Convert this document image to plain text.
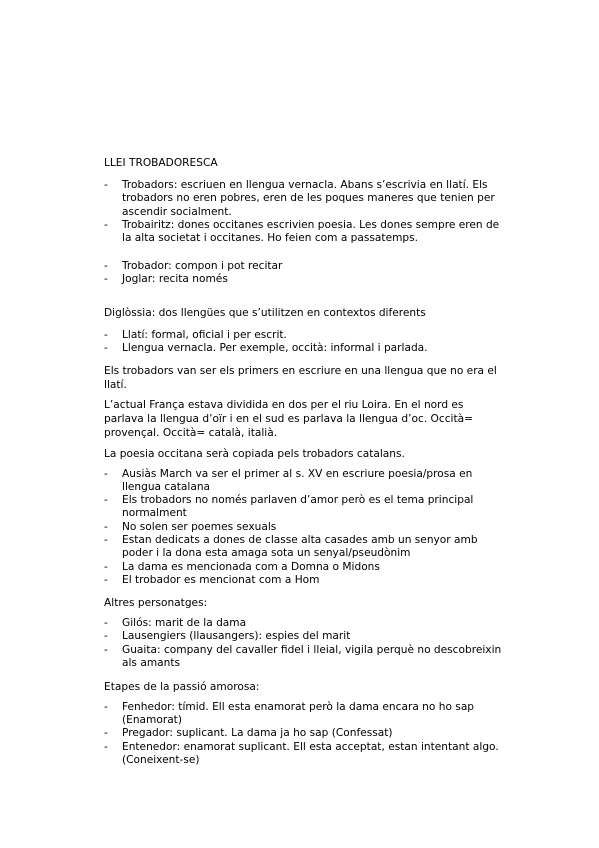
LLEI TROBADORESCA
- Trobadors: escriuen en llengua vernacla. Abans s’escrivia en llatí. Els trobadors no eren pobres, eren de les poques maneres que tenien per ascendir socialment.
- Trobairitz: dones occitanes escrivien poesia. Les dones sempre eren de la alta societat i occitanes. Ho feien com a passatemps.
- Trobador: compon i pot recitar
- Joglar: recita només
Diglòssia: dos llengües que s’utilitzen en contextos diferents
- Llatí: formal, oficial i per escrit.
- Llengua vernacla. Per exemple, occità: informal i parlada.
Els trobadors van ser els primers en escriure en una llengua que no era el llatí.
L’actual França estava dividida en dos per el riu Loira. En el nord es parlava la llengua d’oïr i en el sud es parlava la llengua d’oc. Occità= provençal. Occità= català, italià.
La poesia occitana serà copiada pels trobadors catalans.
- Ausiàs March va ser el primer al s. XV en escriure poesia/prosa en llengua catalana
- Els trobadors no només parlaven d’amor però es el tema principal normalment
- No solen ser poemes sexuals
- Estan dedicats a dones de classe alta casades amb un senyor amb poder i la dona esta amaga sota un senyal/pseudònim
- La dama es mencionada com a Domna o Midons
- El trobador es mencionat com a Hom
Altres personatges:
- Gilós: marit de la dama
- Lausengiers (llausangers): espies del marit
- Guaita: company del cavaller fidel i lleial, vigila perquè no descobreixin als amants
Etapes de la passió amorosa:
- Fenhedor: tímid. Ell esta enamorat però la dama encara no ho sap (Enamorat)
- Pregador: suplicant. La dama ja ho sap (Confessat)
- Entenedor: enamorat suplicant. Ell esta acceptat, estan intentant algo. (Coneixent-se)
